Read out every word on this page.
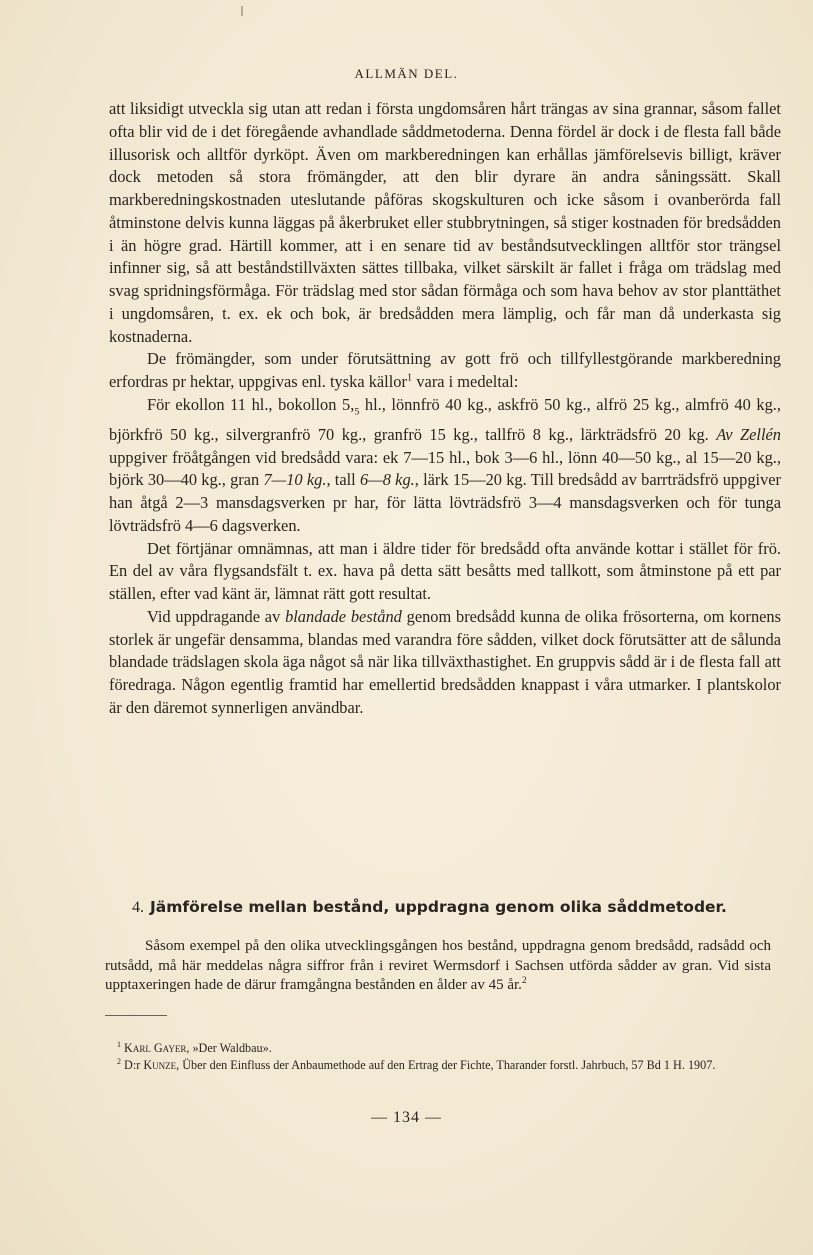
ALLMÄN DEL.

att liksidigt utveckla sig utan att redan i första ungdomsåren hårt trängas av sina grannar, såsom fallet ofta blir vid de i det föregående avhandlade såddmetoderna. Denna fördel är dock i de flesta fall både illusorisk och alltför dyrköpt. Även om markberedningen kan erhållas jämförelsevis billigt, kräver dock metoden så stora frömängder, att den blir dyrare än andra såningssätt. Skall markberedningskostnaden uteslutande påföras skogskulturen och icke såsom i ovanberörda fall åtminstone delvis kunna läggas på åkerbruket eller stubbrytningen, så stiger kostnaden för bredsådden i än högre grad. Härtill kommer, att i en senare tid av beståndsutvecklingen alltför stor trängsel infinner sig, så att beståndstillväxten sättes tillbaka, vilket särskilt är fallet i fråga om trädslag med svag spridningsförmåga. För trädslag med stor sådan förmåga och som hava behov av stor planttäthet i ungdomsåren, t. ex. ek och bok, är bredsådden mera lämplig, och får man då underkasta sig kostnaderna.

De frömängder, som under förutsättning av gott frö och tillfyllestgörande markberedning erfordras pr hektar, uppgivas enl. tyska källor$^1$ vara i medeltal:

För ekollon 11 hl., bokollon $5,_5$ hl., lönnfrö 40 kg., askfrö 50 kg., alfrö 25 kg., almfrö 40 kg., björkfrö 50 kg., silvergranfrö 70 kg., granfrö 15 kg., tallfrö 8 kg., lärkträdsfrö 20 kg. Av Zellén uppgiver fröåtgången vid bredsådd vara: ek 7—15 hl., bok 3—6 hl., lönn 40—50 kg., al 15—20 kg., björk 30—40 kg., gran 7—10 kg., tall 6—8 kg., lärk 15—20 kg. Till bredsådd av barrträdsfrö uppgiver han åtgå 2—3 mansdagsverken pr har, för lätta lövträdsfrö 3—4 mansdagsverken och för tunga lövträdsfrö 4—6 dagsverken.

Det förtjänar omnämnas, att man i äldre tider för bredsådd ofta använde kottar i stället för frö. En del av våra flygsandsfält t. ex. hava på detta sätt besåtts med tallkott, som åtminstone på ett par ställen, efter vad känt är, lämnat rätt gott resultat.

Vid uppdragande av blandade bestånd genom bredsådd kunna de olika frösorterna, om kornens storlek är ungefär densamma, blandas med varandra före sådden, vilket dock förutsätter att de sålunda blandade trädslagen skola äga något så när lika tillväxthastighet. En gruppvis sådd är i de flesta fall att föredraga. Någon egentlig framtid har emellertid bredsådden knappast i våra utmarker. I plantskolor är den däremot synnerligen användbar.

4. Jämförelse mellan bestånd, uppdragna genom olika såddmetoder.

Såsom exempel på den olika utvecklingsgången hos bestånd, uppdragna genom bredsådd, radsådd och rutsådd, må här meddelas några siffror från i reviret Wermsdorf i Sachsen utförda sådder av gran. Vid sista upptaxeringen hade de därur framgångna bestånden en ålder av 45 år.$^2$

$^1$ Karl Gayer, »Der Waldbau».

$^2$ D:r Kunze, Über den Einfluss der Anbaumethode auf den Ertrag der Fichte, Tharander forstl. Jahrbuch, 57 Bd 1 H. 1907.

— 134 —
